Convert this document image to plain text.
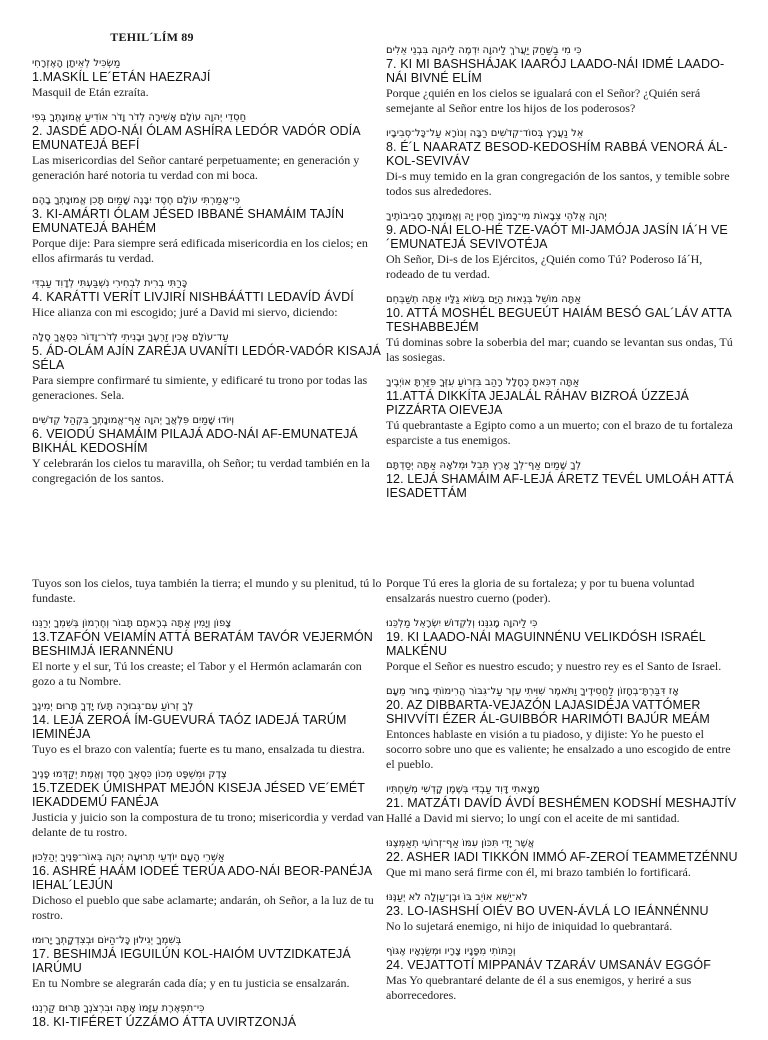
TEHIL´LÍM 89
מַשְׂכִּיל לְאֵיתָן הָאֶזְרָחִי
1.MASKÍL LE´ETÁN HAEZRAJÍ
Masquil de Etán ezraíta.
חַסְדֵי יְהוָה עוֹלָם אָשִׁירָה לְדֹר וָדֹר אוֹדִיעַ אֱמוּנָתְךָ בְּפִי
2. JASDÉ ADO-NÁI ÓLAM ASHÍRA LEDÓR VADÓR ODÍA EMUNATEJÁ BEFÍ
Las misericordias del Señor cantaré perpetuamente; en generación y generación haré notoria tu verdad con mi boca.
כִּי־אָמַרְתִּי עוֹלָם חֶסֶד יִבָּנֶה שָׁמַיִם תָּכִן אֱמוּנָתְךָ בָהֶם
3. KI-AMÁRTI ÓLAM JÉSED IBBANÉ SHAMÁIM TAJÍN EMUNATEJÁ BAHÉM
Porque dije: Para siempre será edificada misericordia en los cielos; en ellos afirmarás tu verdad.
כָּרַתִּי בְרִית לִבְחִירִי נִשְׁבַּעְתִּי לְדָוִד עַבְדִּי
4. KARÁTTI VERÍT LIVJIRÍ NISHBÁÁTTI LEDAVÍD ÁVDÍ
Hice alianza con mi escogido; juré a David mi siervo, diciendo:
עַד־עוֹלָם אָכִין זַרְעֶךָ וּבָנִיתִי לְדֹר־וָדוֹר כִּסְאֲךָ סֶלָה
5. ÁD-OLÁM AJÍN ZARÉJA UVANÍTI LEDÓR-VADÓR KISAJÁ SÉLA
Para siempre confirmaré tu simiente, y edificaré tu trono por todas las generaciones. Sela.
וְיוֹדוּ שָׁמַיִם פִּלְאֲךָ יְהוָה אַף־אֱמוּנָתְךָ בִּקְהַל קְדֹשִׁים
6. VEIODÚ SHAMÁIM PILAJÁ ADO-NÁI AF-EMUNATEJÁ BIKHÁL KEDOSHÍM
Y celebrarán los cielos tu maravilla, oh Señor; tu verdad también en la congregación de los santos.
כִּי מִי בַשַּׁחַק יַעֲרֹךְ לַיהוָה יִדְמֶה לַיהוָה בִּבְנֵי אֵלִים
7. KI MI BASHSHÁJAK IAARÓJ LAADO-NÁI IDMÉ LAADO-NÁI BIVNÉ ELÍM
Porque ¿quién en los cielos se igualará con el Señor? ¿Quién será semejante al Señor entre los hijos de los poderosos?
אֵל נַעֲרָץ בְּסוֹד־קְדֹשִׁים רַבָּה וְנוֹרָא עַל־כָּל־סְבִיבָיו
8. É´L NAARATZ BESOD-KEDOSHÍM RABBÁ VENORÁ ÁL-KOL-SEVIVÁV
Di-s muy temido en la gran congregación de los santos, y temible sobre todos sus alrededores.
יְהוָה אֱלֹהֵי צְבָאוֹת מִי־כָמוֹךָ חֲסִין יָהּ וֶאֱמוּנָתְךָ סְבִיבוֹתֶיךָ
9. ADO-NÁI ELO-HÉ TZE-VAÓT MI-JAMÓJA JASÍN IÁ´H VE´EMUNATEJÁ SEVIVOTÉJA
Oh Señor, Di-s de los Ejércitos, ¿Quién como Tú? Poderoso Iá´H, rodeado de tu verdad.
אַתָּה מוֹשֵׁל בְּגֵאוּת הַיָּם בְּשׂוֹא גַלָּיו אַתָּה תְשַׁבְּחֵם
10. ATTÁ MOSHÉL BEGUEÚT HAIÁM BESÓ GAL´LÁV ATTA TESHABBEJÉM
Tú dominas sobre la soberbia del mar; cuando se levantan sus ondas, Tú las sosiegas.
אַתָּה דִכִּאתָ כֶחָלָל רָהַב בִּזְרוֹעַ עֻזְּךָ פִּזַּרְתָּ אוֹיְבֶיךָ
11.ATTÁ DIKKÍTA JEJALÁL RÁHAV BIZROÁ ÚZZEJÁ PIZZÁRTA OIEVEJA
Tú quebrantaste a Egipto como a un muerto; con el brazo de tu fortaleza esparciste a tus enemigos.
לְךָ שָׁמַיִם אַף־לְךָ אָרֶץ תֵּבֵל וּמְלֹאָהּ אַתָּה יְסַדְתָּם
12. LEJÁ SHAMÁIM AF-LEJÁ ÁRETZ TEVÉL UMLOÁH ATTÁ IESADETTÁM
Tuyos son los cielos, tuya también la tierra; el mundo y su plenitud, tú lo fundaste.
צָפוֹן וְיָמִין אַתָּה בְרָאתָם תָּבוֹר וְחֶרְמוֹן בְּשִׁמְךָ יְרַנֵּנוּ
13.TZAFÓN VEIAMÍN ATTÁ BERATÁM TAVÓR VEJERMÓN BESHIMJÁ IERANNÉNU
El norte y el sur, Tú los creaste; el Tabor y el Hermón aclamarán con gozo a tu Nombre.
לְךָ זְרוֹעַ עִם־גְּבוּרָה תָּעֹז יָדְךָ תָּרוּם יְמִינֶךָ
14. LEJÁ ZEROÁ ÍM-GUEVURÁ TAÓZ IADEJÁ TARÚM IEMINÉJA
Tuyo es el brazo con valentía; fuerte es tu mano, ensalzada tu diestra.
צֶדֶק וּמִשְׁפָּט מְכוֹן כִּסְאֶךָ חֶסֶד וֶאֱמֶת יְקַדְּמוּ פָנֶיךָ
15.TZEDEK ÚMISHPAT MEJÓN KISEJA JÉSED VE´EMÉT IEKADDEMÚ FANÉJA
Justicia y juicio son la compostura de tu trono; misericordia y verdad van delante de tu rostro.
אַשְׁרֵי הָעָם יוֹדְעֵי תְרוּעָה יְהוָה בְּאוֹר־פָּנֶיךָ יְהַלֵּכוּן
16. ASHRÉ HAÁM IODEÉ TERÚA ADO-NÁI BEOR-PANÉJA IEHAL´LEJÚN
Dichoso el pueblo que sabe aclamarte; andarán, oh Señor, a la luz de tu rostro.
בְּשִׁמְךָ יְגִילוּן כָּל־הַיּוֹם וּבְצִדְקָתְךָ יָרוּמוּ
17. BESHIMJÁ IEGUILÚN KOL-HAIÓM UVTZIDKATEJÁ IARÚMU
En tu Nombre se alegrarán cada día; y en tu justicia se ensalzarán.
כִּי־תִפְאֶרֶת עֻזָּמוֹ אָתָּה וּבִרְצֹנְךָ תָּרוּם קַרְנֵנוּ
18. KI-TIFÉRET ÚZZÁMO ÁTTA UVIRTZONJÁ
Porque Tú eres la gloria de su fortaleza; y por tu buena voluntad ensalzarás nuestro cuerno (poder).
כִּי לַיהוָה מָגִנֵּנוּ וְלִקְדוֹשׁ יִשְׂרָאֵל מַלְכֵּנוּ
19. KI LAADO-NÁI MAGUINNÉNU VELIKDÓSH ISRAÉL MALKÉNU
Porque el Señor es nuestro escudo; y nuestro rey es el Santo de Israel.
אָז דִּבַּרְתָּ־בְחָזוֹן לַחֲסִידֶיךָ וַתֹּאמֶר שִׁוִּיתִי עֵזֶר עַל־גִּבּוֹר הֲרִימוֹתִי בָחוּר מֵעָם
20. AZ DIBBARTA-VEJAZÓN LAJASIDÉJA VATTÓMER SHIVVÍTI ÉZER ÁL-GUIBBÓR HARIMÓTI BAJÚR MEÁM
Entonces hablaste en visión a tu piadoso, y dijiste: Yo he puesto el socorro sobre uno que es valiente; he ensalzado a uno escogido de entre el pueblo.
מָצָאתִי דָּוִד עַבְדִּי בְּשֶׁמֶן קָדְשִׁי מְשַׁחְתִּיו
21. MATZÁTI DAVÍD ÁVDÍ BESHÉMEN KODSHÍ MESHAJTÍV
Hallé a David mi siervo; lo ungí con el aceite de mi santidad.
אֲשֶׁר יָדִי תִּכּוֹן עִמּוֹ אַף־זְרוֹעִי תְאַמְּצֶנּוּ
22. ASHER IADI TIKKÓN IMMÓ AF-ZEROÍ TEAMMETZÉNNU
Que mi mano será firme con él, mi brazo también lo fortificará.
לֹא־יַשִּׁא אוֹיֵב בּוֹ וּבֶן־עַוְלָה לֹא יְעַנֶּנּוּ
23. LO-IASHSHÍ OIÉV BO UVEN-ÁVLÁ LO IEÁNNÉNNU
No lo sujetará enemigo, ni hijo de iniquidad lo quebrantará.
וְכַתּוֹתִי מִפָּנָיו צָרָיו וּמְשַׂנְאָיו אֶגּוֹף
24. VEJATTOTÍ MIPPANÁV TZARÁV UMSANÁV EGGÓF
Mas Yo quebrantaré delante de él a sus enemigos, y heriré a sus aborrecedores.
